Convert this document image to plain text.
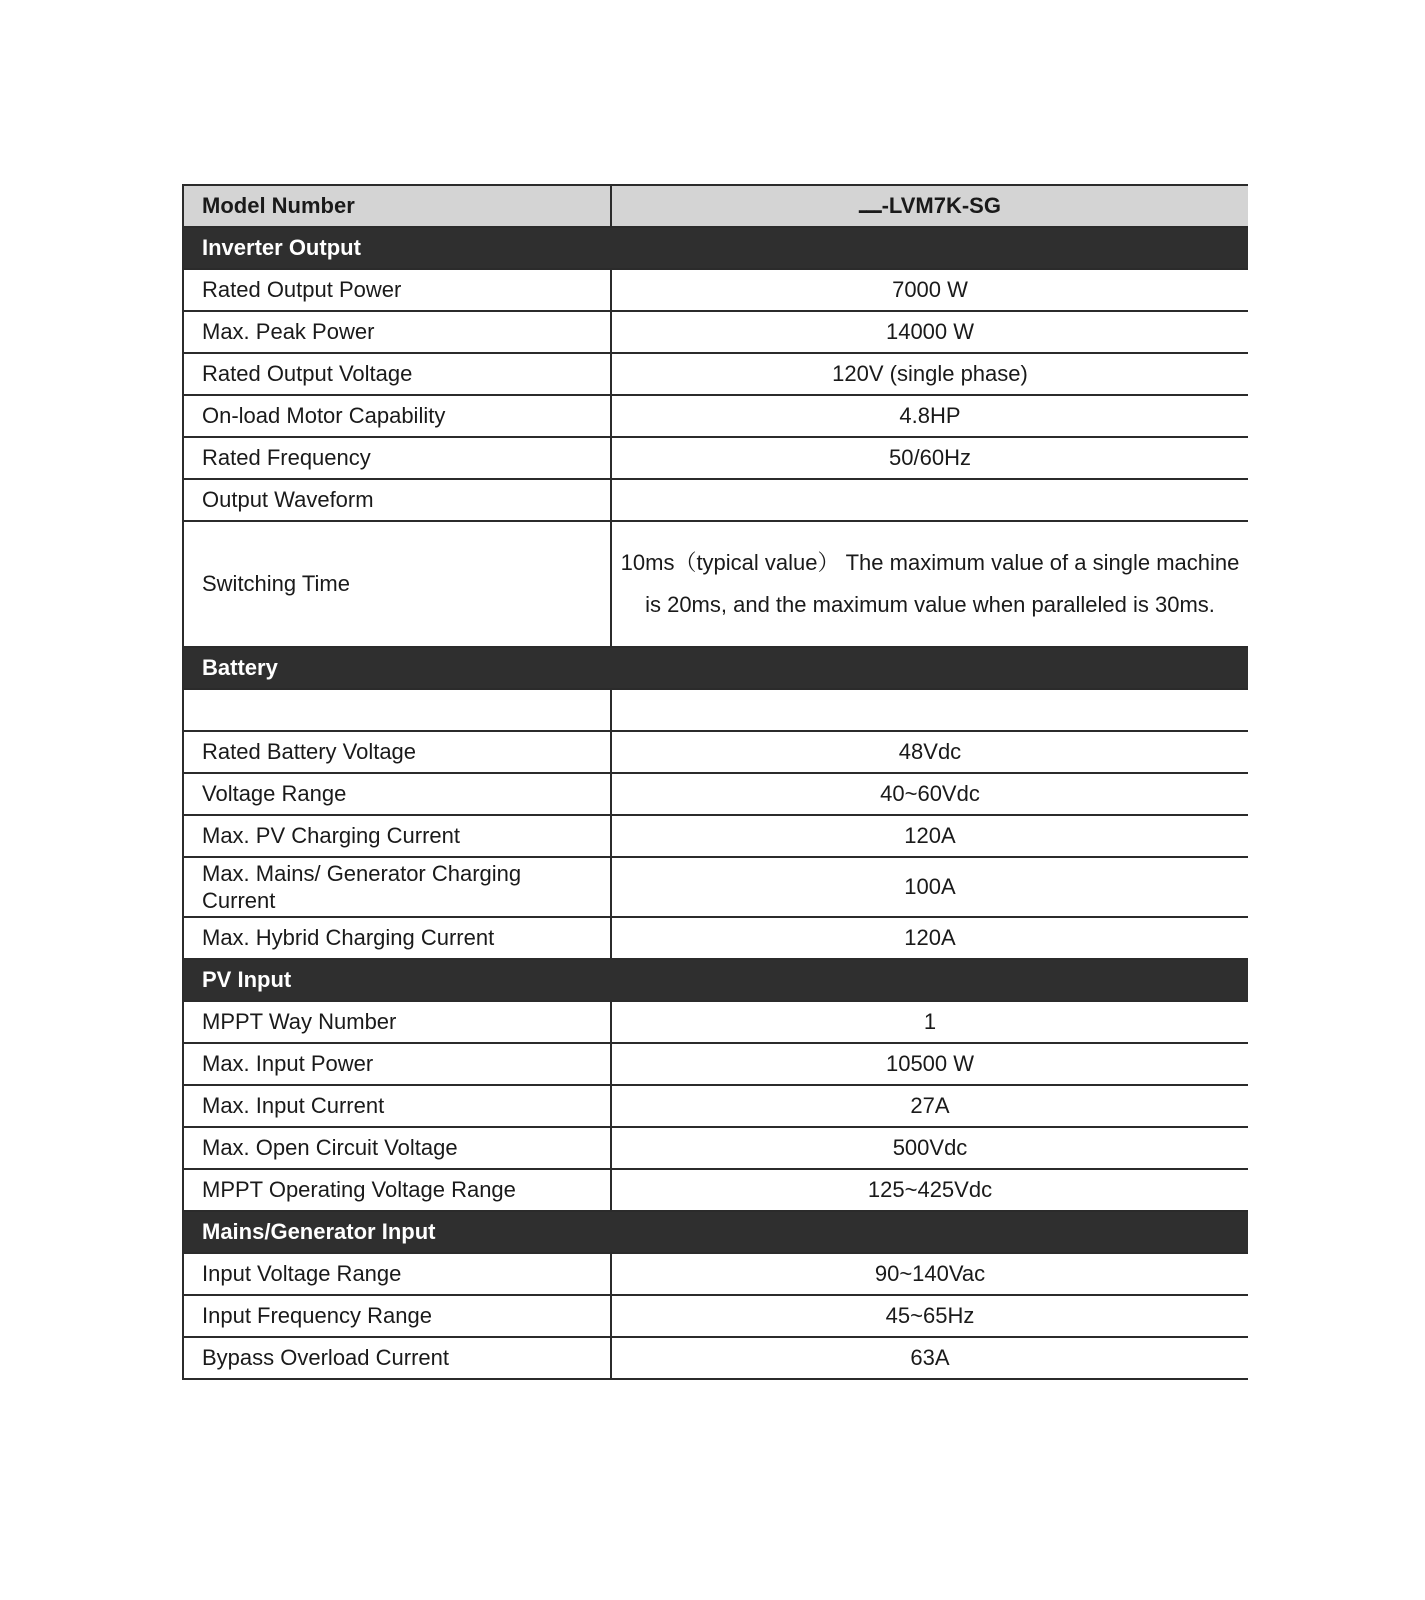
Model Number	ـــ-LVM7K-SG
Inverter Output	
Rated Output Power	7000 W
Max. Peak Power	14000 W
Rated Output Voltage	120V (single phase)
On-load Motor Capability	4.8HP
Rated Frequency	50/60Hz
Output Waveform	
Switching Time	10ms（typical value） The maximum value of a single machine is 20ms, and the maximum value when paralleled is 30ms.
Battery	

Rated Battery Voltage	48Vdc
Voltage Range	40~60Vdc
Max. PV Charging Current	120A
Max. Mains/ Generator Charging Current	100A
Max. Hybrid Charging Current	120A
PV Input	
MPPT Way Number	1
Max. Input Power	10500 W
Max. Input Current	27A
Max. Open Circuit Voltage	500Vdc
MPPT Operating Voltage Range	125~425Vdc
Mains/Generator Input	
Input Voltage Range	90~140Vac
Input Frequency Range	45~65Hz
Bypass Overload Current	63A
